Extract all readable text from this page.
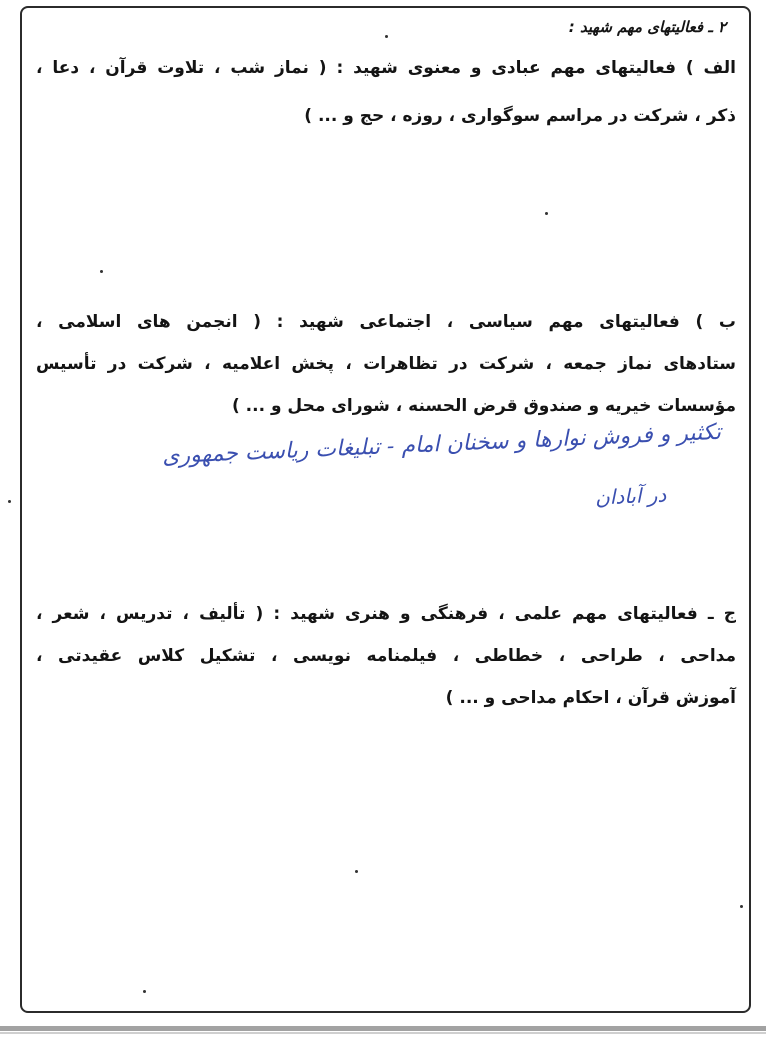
۲ ـ فعالیتهای مهم شهید :
الف ) فعالیتهای مهم عبادی و معنوی شهید : ( نماز شب ، تلاوت قرآن ، دعا ،
ذکر ، شرکت در مراسم سوگواری ، روزه ، حج و ... )
ب ) فعالیتهای مهم سیاسی ، اجتماعی شهید : ( انجمن های اسلامی ،
ستادهای نماز جمعه ، شرکت در تظاهرات ، پخش اعلامیه ، شرکت در تأسیس
مؤسسات خیریه و صندوق قرض الحسنه ، شورای محل و ... )
تکثیر و فروش نوارها و سخنان امام - تبلیغات ریاست جمهوری
در آبادان
ج ـ فعالیتهای مهم علمی ، فرهنگی و هنری شهید : ( تألیف ، تدریس ، شعر ،
مداحی ، طراحی ، خطاطی ، فیلمنامه نویسی ، تشکیل کلاس عقیدتی ،
آموزش قرآن ، احکام مداحی و ... )
